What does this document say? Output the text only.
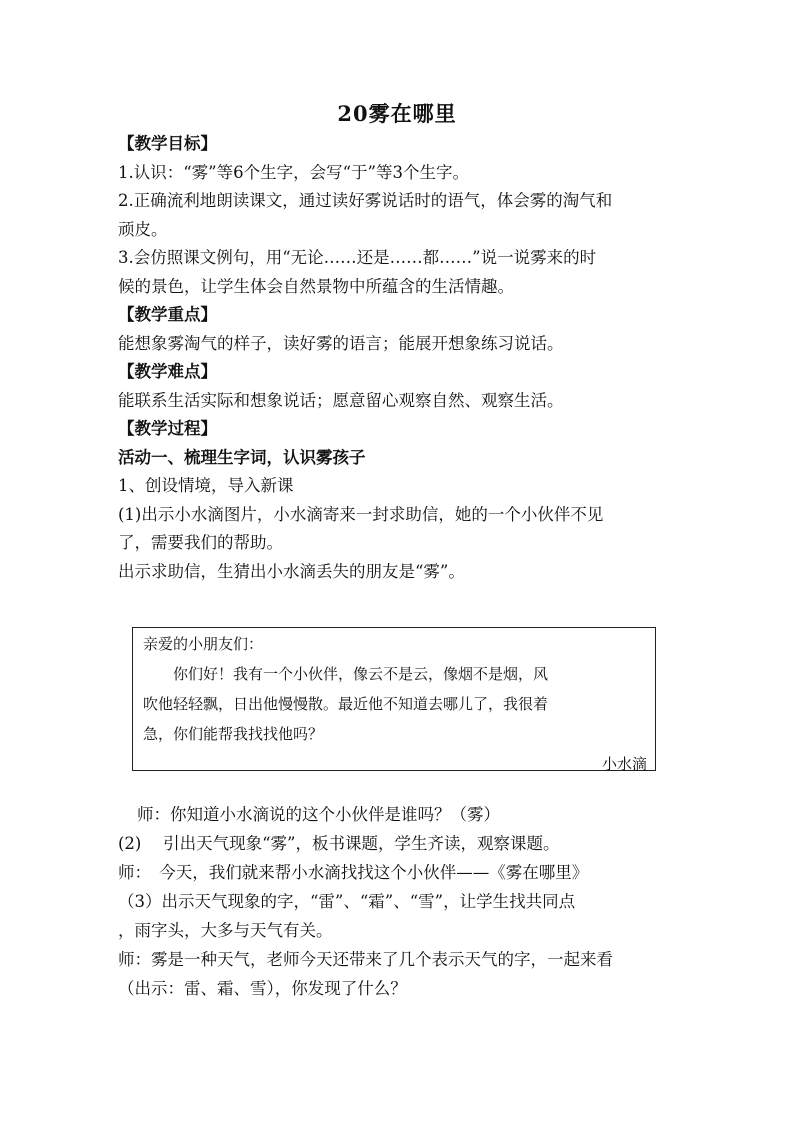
20雾在哪里

【教学目标】

1.认识：“雾”等6个生字，会写“于”等3个生字。

2.正确流利地朗读课文，通过读好雾说话时的语气，体会雾的淘气和

顽皮。

3.会仿照课文例句，用“无论……还是……都……”说一说雾来的时

候的景色，让学生体会自然景物中所蕴含的生活情趣。

【教学重点】

能想象雾淘气的样子，读好雾的语言；能展开想象练习说话。

【教学难点】

能联系生活实际和想象说话；愿意留心观察自然、观察生活。

【教学过程】

活动一、梳理生字词，认识雾孩子

1、创设情境，导入新课

(1)出示小水滴图片，小水滴寄来一封求助信，她的一个小伙伴不见

了，需要我们的帮助。

出示求助信，生猜出小水滴丢失的朋友是“雾”。

亲爱的小朋友们：

你们好！我有一个小伙伴，像云不是云，像烟不是烟，风

吹他轻轻飘，日出他慢慢散。最近他不知道去哪儿了，我很着

急，你们能帮我找找他吗？

小水滴

师：你知道小水滴说的这个小伙伴是谁吗？（雾）

(2)　 引出天气现象“雾”，板书课题，学生齐读，观察课题。

师：　今天，我们就来帮小水滴找找这个小伙伴——《雾在哪里》

（3）出示天气现象的字，“雷”、“霜”、“雪”，让学生找共同点

，雨字头，大多与天气有关。

师：雾是一种天气，老师今天还带来了几个表示天气的字，一起来看

（出示：雷、霜、雪），你发现了什么？
